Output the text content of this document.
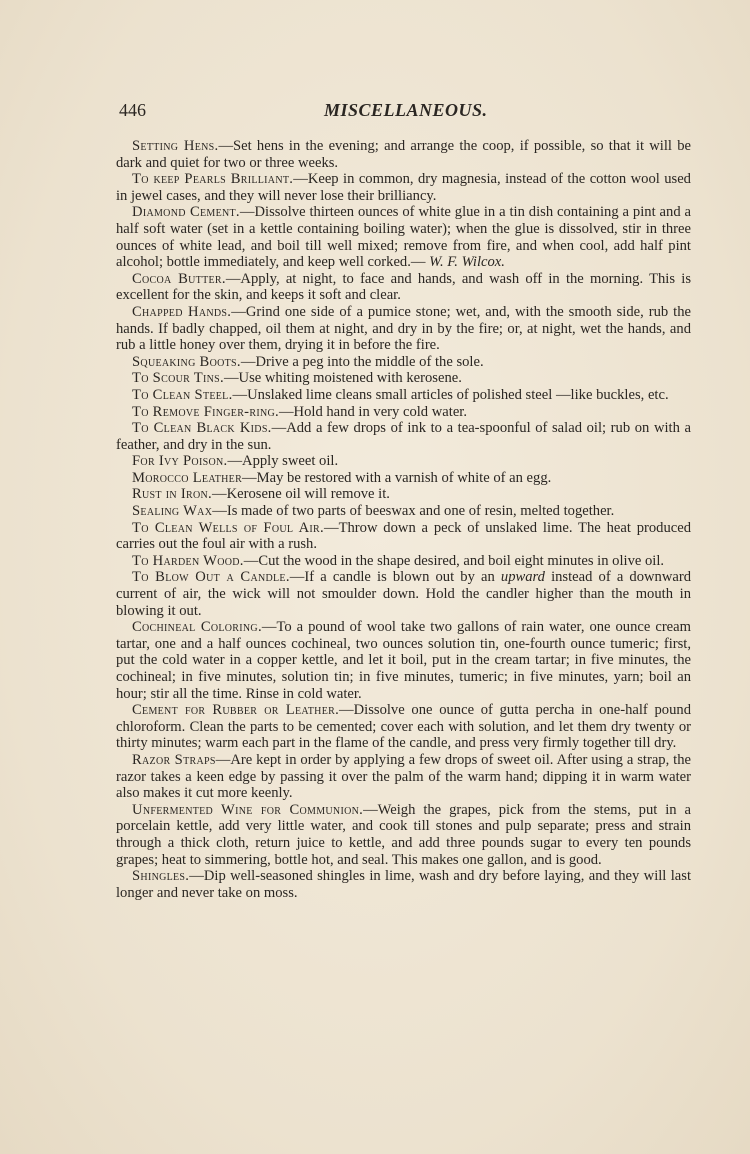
446	MISCELLANEOUS.

Setting Hens.—Set hens in the evening; and arrange the coop, if possible, so that it will be dark and quiet for two or three weeks.

To keep Pearls Brilliant.—Keep in common, dry magnesia, instead of the cotton wool used in jewel cases, and they will never lose their brilliancy.

Diamond Cement.—Dissolve thirteen ounces of white glue in a tin dish containing a pint and a half soft water (set in a kettle containing boiling water); when the glue is dissolved, stir in three ounces of white lead, and boil till well mixed; remove from fire, and when cool, add half pint alcohol; bottle immediately, and keep well corked.— W. F. Wilcox.

Cocoa Butter.—Apply, at night, to face and hands, and wash off in the morning. This is excellent for the skin, and keeps it soft and clear.

Chapped Hands.—Grind one side of a pumice stone; wet, and, with the smooth side, rub the hands. If badly chapped, oil them at night, and dry in by the fire; or, at night, wet the hands, and rub a little honey over them, drying it in before the fire.

Squeaking Boots.—Drive a peg into the middle of the sole.

To Scour Tins.—Use whiting moistened with kerosene.

To Clean Steel.—Unslaked lime cleans small articles of polished steel —like buckles, etc.

To Remove Finger-ring.—Hold hand in very cold water.

To Clean Black Kids.—Add a few drops of ink to a tea-spoonful of salad oil; rub on with a feather, and dry in the sun.

For Ivy Poison.—Apply sweet oil.

Morocco Leather—May be restored with a varnish of white of an egg.

Rust in Iron.—Kerosene oil will remove it.

Sealing Wax—Is made of two parts of beeswax and one of resin, melted together.

To Clean Wells of Foul Air.—Throw down a peck of unslaked lime. The heat produced carries out the foul air with a rush.

To Harden Wood.—Cut the wood in the shape desired, and boil eight minutes in olive oil.

To Blow Out a Candle.—If a candle is blown out by an upward instead of a downward current of air, the wick will not smoulder down. Hold the candler higher than the mouth in blowing it out.

Cochineal Coloring.—To a pound of wool take two gallons of rain water, one ounce cream tartar, one and a half ounces cochineal, two ounces solution tin, one-fourth ounce tumeric; first, put the cold water in a copper kettle, and let it boil, put in the cream tartar; in five minutes, the cochineal; in five minutes, solution tin; in five minutes, tumeric; in five minutes, yarn; boil an hour; stir all the time. Rinse in cold water.

Cement for Rubber or Leather.—Dissolve one ounce of gutta percha in one-half pound chloroform. Clean the parts to be cemented; cover each with solution, and let them dry twenty or thirty minutes; warm each part in the flame of the candle, and press very firmly together till dry.

Razor Straps—Are kept in order by applying a few drops of sweet oil. After using a strap, the razor takes a keen edge by passing it over the palm of the warm hand; dipping it in warm water also makes it cut more keenly.

Unfermented Wine for Communion.—Weigh the grapes, pick from the stems, put in a porcelain kettle, add very little water, and cook till stones and pulp separate; press and strain through a thick cloth, return juice to kettle, and add three pounds sugar to every ten pounds grapes; heat to simmering, bottle hot, and seal. This makes one gallon, and is good.

Shingles.—Dip well-seasoned shingles in lime, wash and dry before laying, and they will last longer and never take on moss.
